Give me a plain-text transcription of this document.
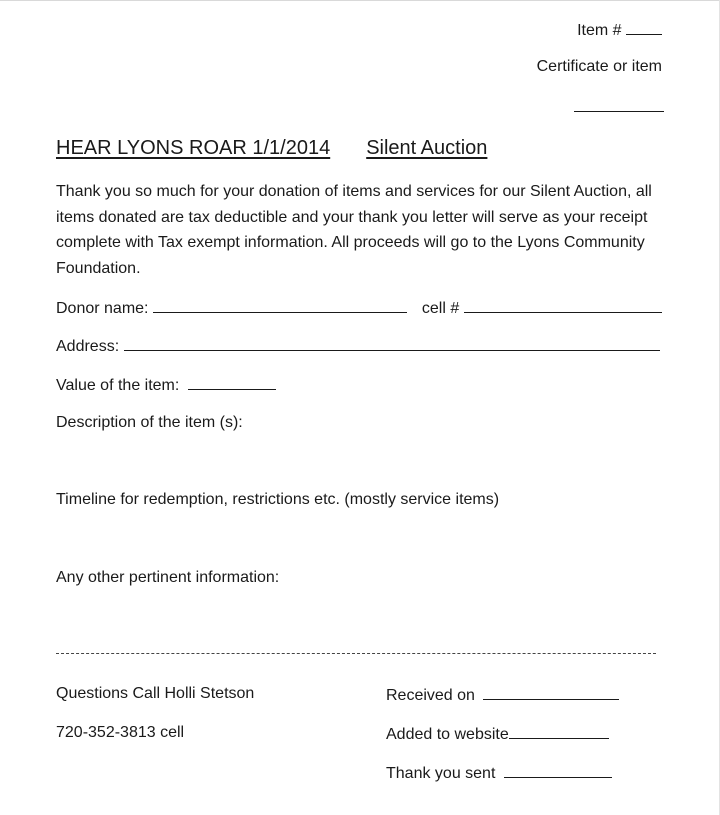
Item #
Certificate or item
HEAR LYONS ROAR 1/1/2014 Silent Auction
Thank you so much for your donation of items and services for our Silent Auction, all items donated are tax deductible and your thank you letter will serve as your receipt complete with Tax exempt information. All proceeds will go to the Lyons Community Foundation.
Donor name:	cell #
Address:
Value of the item:
Description of the item (s):
Timeline for redemption, restrictions etc. (mostly service items)
Any other pertinent information:
Questions Call Holli Stetson
720-352-3813 cell
Received on
Added to website
Thank you sent
